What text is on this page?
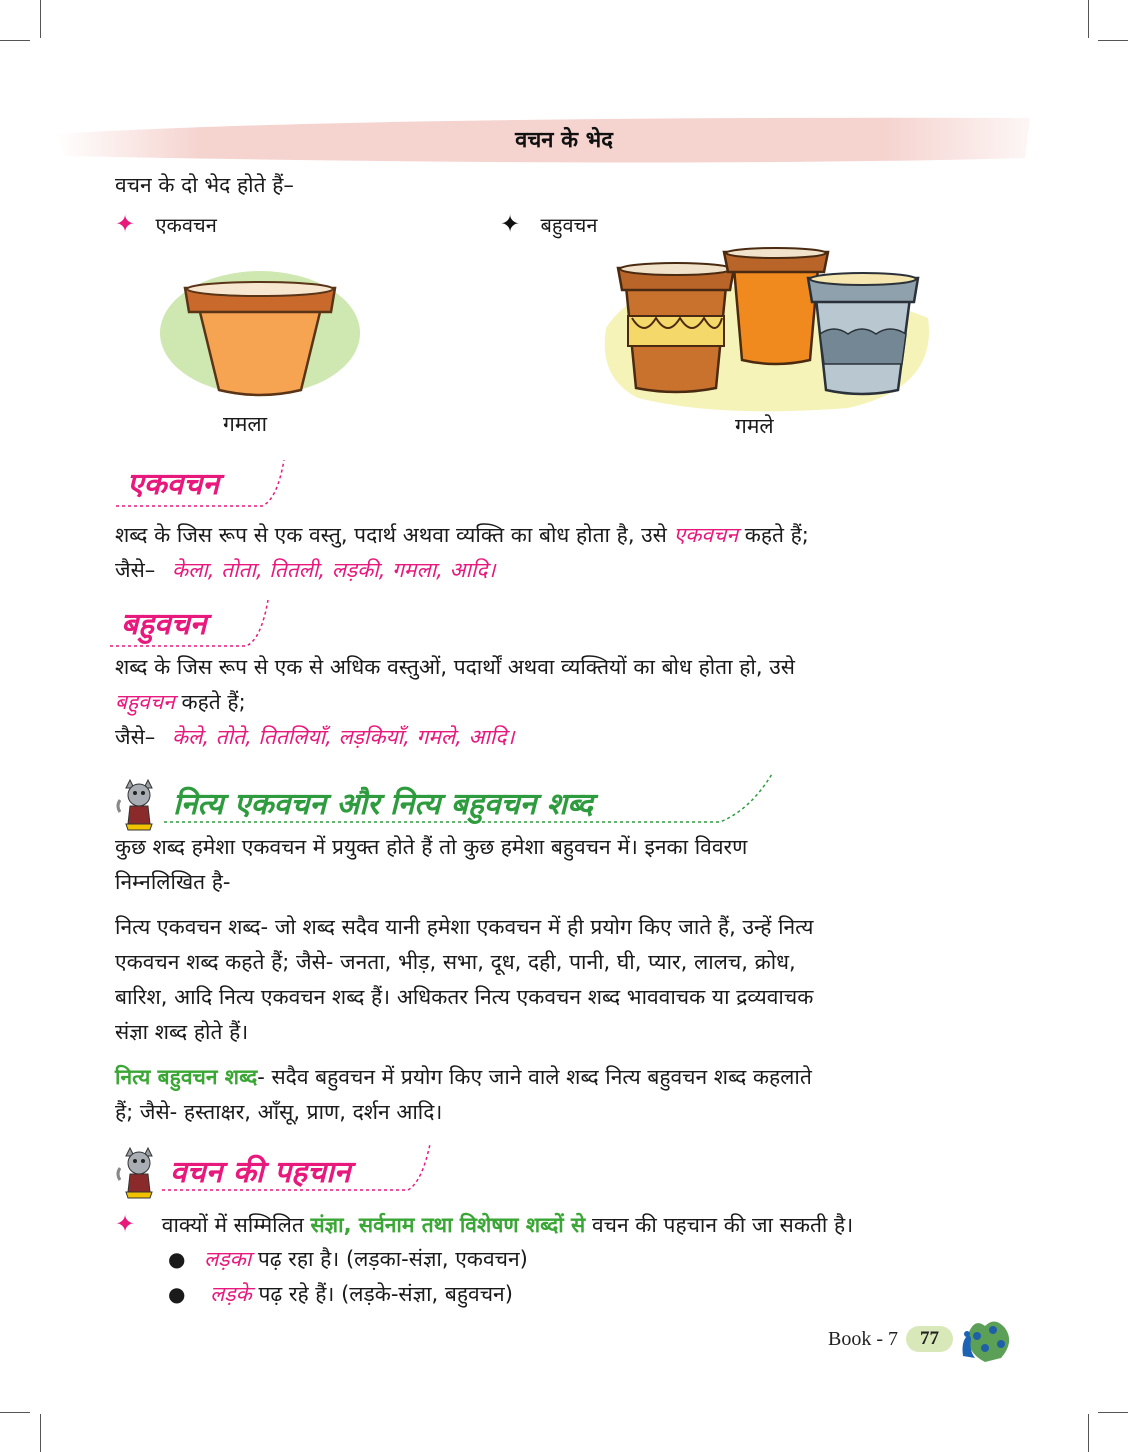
वचन के भेद
वचन के दो भेद होते हैं–
✦ एकवचन	✦ बहुवचन
गमला	गमले
एकवचन
शब्द के जिस रूप से एक वस्तु, पदार्थ अथवा व्यक्ति का बोध होता है, उसे एकवचन कहते हैं;
जैसे– केला, तोता, तितली, लड़की, गमला, आदि।
बहुवचन
शब्द के जिस रूप से एक से अधिक वस्तुओं, पदार्थों अथवा व्यक्तियों का बोध होता हो, उसे
बहुवचन कहते हैं;
जैसे– केले, तोते, तितलियाँ, लड़कियाँ, गमले, आदि।
नित्य एकवचन और नित्य बहुवचन शब्द
कुछ शब्द हमेशा एकवचन में प्रयुक्त होते हैं तो कुछ हमेशा बहुवचन में। इनका विवरण
निम्नलिखित है-
नित्य एकवचन शब्द- जो शब्द सदैव यानी हमेशा एकवचन में ही प्रयोग किए जाते हैं, उन्हें नित्य
एकवचन शब्द कहते हैं; जैसे- जनता, भीड़, सभा, दूध, दही, पानी, घी, प्यार, लालच, क्रोध,
बारिश, आदि नित्य एकवचन शब्द हैं। अधिकतर नित्य एकवचन शब्द भाववाचक या द्रव्यवाचक
संज्ञा शब्द होते हैं।
नित्य बहुवचन शब्द- सदैव बहुवचन में प्रयोग किए जाने वाले शब्द नित्य बहुवचन शब्द कहलाते
हैं; जैसे- हस्ताक्षर, आँसू, प्राण, दर्शन आदि।
वचन की पहचान
✦ वाक्यों में सम्मिलित संज्ञा, सर्वनाम तथा विशेषण शब्दों से वचन की पहचान की जा सकती है।
● लड़का पढ़ रहा है। (लड़का-संज्ञा, एकवचन)
● लड़के पढ़ रहे हैं। (लड़के-संज्ञा, बहुवचन)
Book - 7	77
